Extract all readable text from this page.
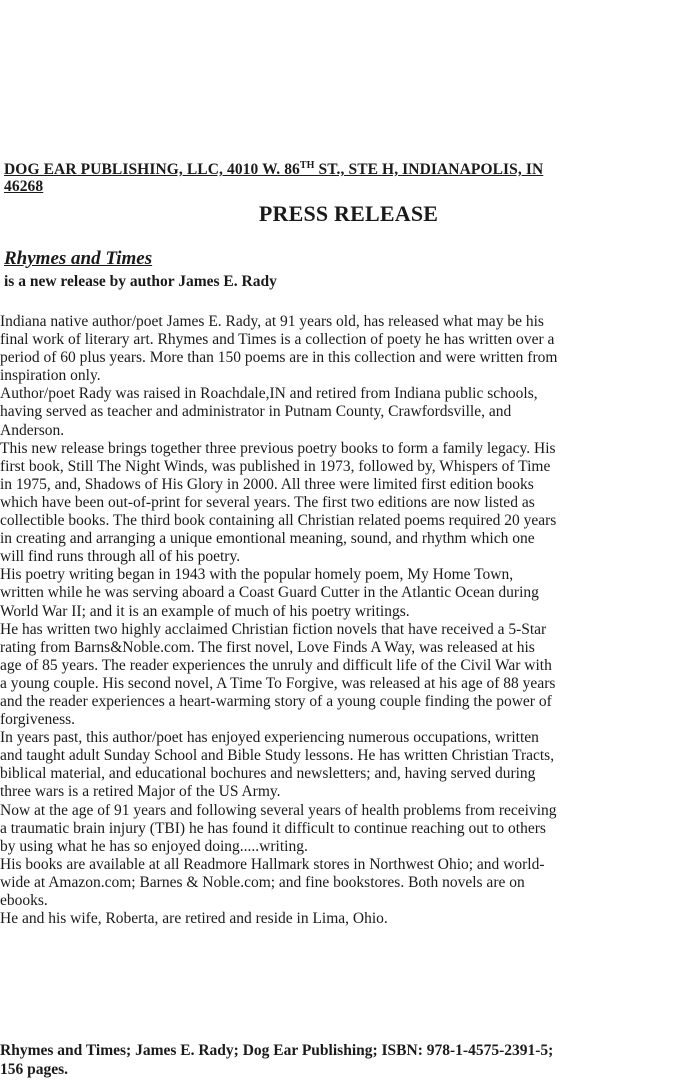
DOG EAR PUBLISHING, LLC, 4010 W. 86TH ST., STE H, INDIANAPOLIS, IN
46268
PRESS RELEASE
Rhymes and Times
is a new release by author James E. Rady
Indiana native author/poet James E. Rady, at 91 years old, has released what may be his
final work of literary art. Rhymes and Times is a collection of poety he has written over a
period of 60 plus years. More than 150 poems are in this collection and were written from
inspiration only.
Author/poet Rady was raised in Roachdale,IN and retired from Indiana public schools,
having served as teacher and administrator in Putnam County, Crawfordsville, and
Anderson.
This new release brings together three previous poetry books to form a family legacy. His
first book, Still The Night Winds, was published in 1973, followed by, Whispers of Time
in 1975, and, Shadows of His Glory in 2000. All three were limited first edition books
which have been out-of-print for several years. The first two editions are now listed as
collectible books. The third book containing all Christian related poems required 20 years
in creating and arranging a unique emontional meaning, sound, and rhythm which one
will find runs through all of his poetry.
His poetry writing began in 1943 with the popular homely poem, My Home Town,
written while he was serving aboard a Coast Guard Cutter in the Atlantic Ocean during
World War II; and it is an example of much of his poetry writings.
He has written two highly acclaimed Christian fiction novels that have received a 5-Star
rating from Barns&Noble.com. The first novel, Love Finds A Way, was released at his
age of 85 years. The reader experiences the unruly and difficult life of the Civil War with
a young couple. His second novel, A Time To Forgive, was released at his age of 88 years
and the reader experiences a heart-warming story of a young couple finding the power of
forgiveness.
In years past, this author/poet has enjoyed experiencing numerous occupations, written
and taught adult Sunday School and Bible Study lessons. He has written Christian Tracts,
biblical material, and educational bochures and newsletters; and, having served during
three wars is a retired Major of the US Army.
Now at the age of 91 years and following several years of health problems from receiving
a traumatic brain injury (TBI) he has found it difficult to continue reaching out to others
by using what he has so enjoyed doing.....writing.
His books are available at all Readmore Hallmark stores in Northwest Ohio; and world-
wide at Amazon.com; Barnes & Noble.com; and fine bookstores. Both novels are on
ebooks.
He and his wife, Roberta, are retired and reside in Lima, Ohio.
Rhymes and Times; James E. Rady; Dog Ear Publishing; ISBN: 978-1-4575-2391-5;
156 pages.
